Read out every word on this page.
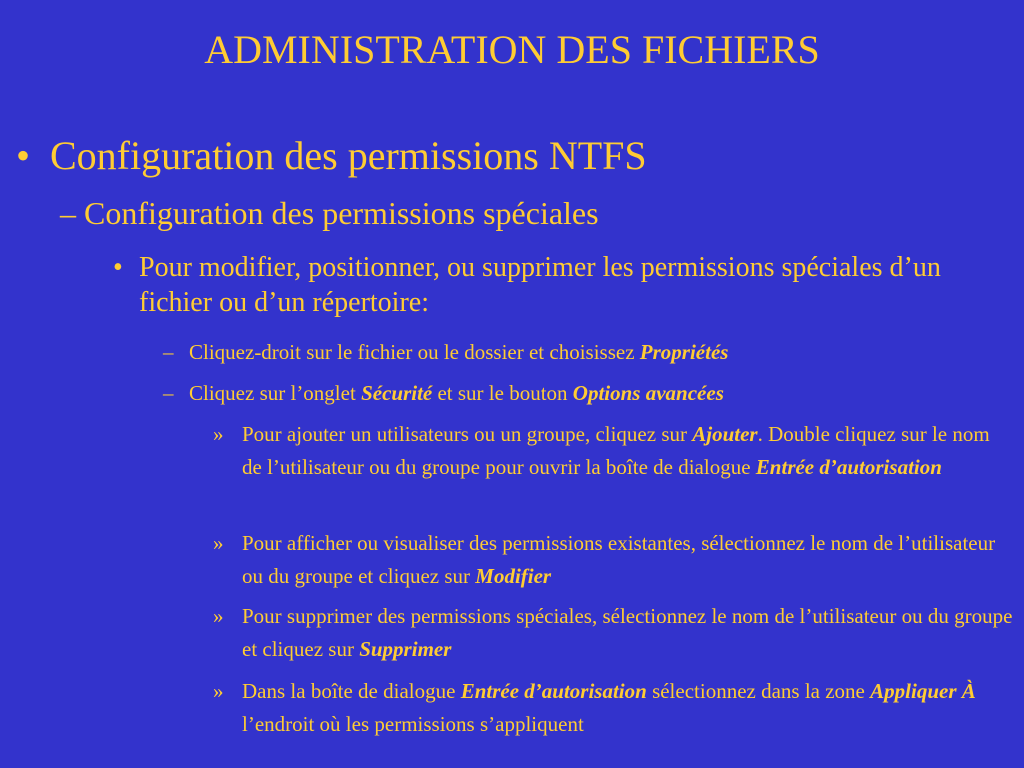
ADMINISTRATION DES FICHIERS
• Configuration des permissions NTFS
– Configuration des permissions spéciales
• Pour modifier, positionner, ou supprimer les permissions spéciales d’un fichier ou d’un répertoire:
– Cliquez-droit sur le fichier ou le dossier et choisissez Propriétés
– Cliquez sur l’onglet Sécurité et sur le bouton Options avancées
» Pour ajouter un utilisateurs ou un groupe, cliquez sur Ajouter. Double cliquez sur le nom de l’utilisateur ou du groupe pour ouvrir la boîte de dialogue Entrée d’autorisation
» Pour afficher ou visualiser des permissions existantes, sélectionnez le nom de l’utilisateur ou du groupe et cliquez sur Modifier
» Pour supprimer des permissions spéciales, sélectionnez le nom de l’utilisateur ou du groupe et cliquez sur Supprimer
» Dans la boîte de dialogue Entrée d’autorisation sélectionnez dans la zone Appliquer À l’endroit où les permissions s’appliquent
